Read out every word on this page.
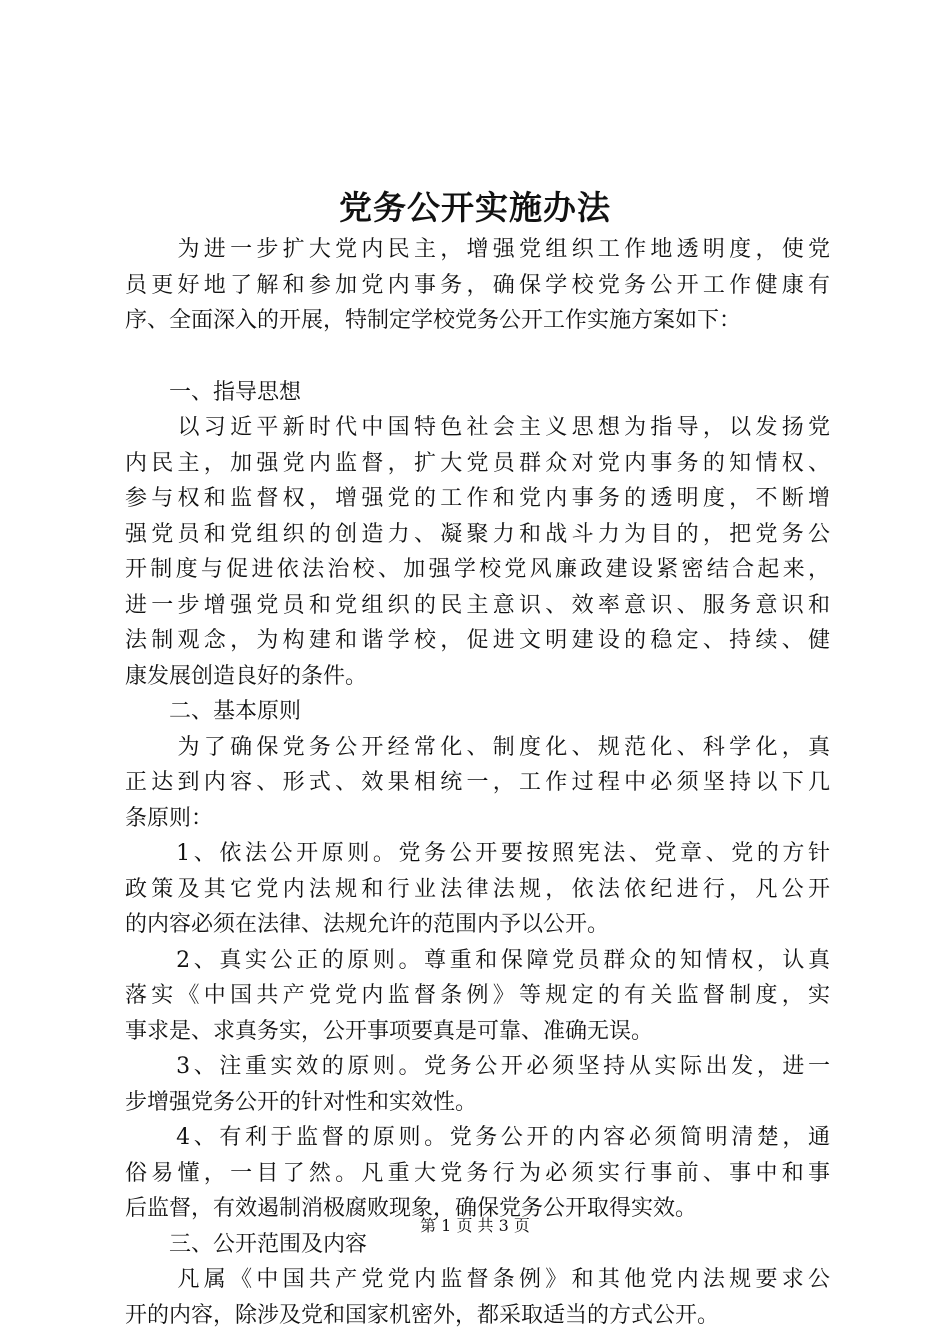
党务公开实施办法
　　为进一步扩大党内民主，增强党组织工作地透明度，使党
员更好地了解和参加党内事务，确保学校党务公开工作健康有
序、全面深入的开展，特制定学校党务公开工作实施方案如下：
　　一、指导思想
　　以习近平新时代中国特色社会主义思想为指导，以发扬党
内民主，加强党内监督，扩大党员群众对党内事务的知情权、
参与权和监督权，增强党的工作和党内事务的透明度，不断增
强党员和党组织的创造力、凝聚力和战斗力为目的，把党务公
开制度与促进依法治校、加强学校党风廉政建设紧密结合起来，
进一步增强党员和党组织的民主意识、效率意识、服务意识和
法制观念，为构建和谐学校，促进文明建设的稳定、持续、健
康发展创造良好的条件。
　　二、基本原则
　　为了确保党务公开经常化、制度化、规范化、科学化，真
正达到内容、形式、效果相统一，工作过程中必须坚持以下几
条原则：
　　1、依法公开原则。党务公开要按照宪法、党章、党的方针
政策及其它党内法规和行业法律法规，依法依纪进行，凡公开
的内容必须在法律、法规允许的范围内予以公开。
　　2、真实公正的原则。尊重和保障党员群众的知情权，认真
落实《中国共产党党内监督条例》等规定的有关监督制度，实
事求是、求真务实，公开事项要真是可靠、准确无误。
　　3、注重实效的原则。党务公开必须坚持从实际出发，进一
步增强党务公开的针对性和实效性。
　　4、有利于监督的原则。党务公开的内容必须简明清楚，通
俗易懂，一目了然。凡重大党务行为必须实行事前、事中和事
后监督，有效遏制消极腐败现象，确保党务公开取得实效。
　　三、公开范围及内容
　　凡属《中国共产党党内监督条例》和其他党内法规要求公
开的内容，除涉及党和国家机密外，都采取适当的方式公开。
第 1 页 共 3 页
